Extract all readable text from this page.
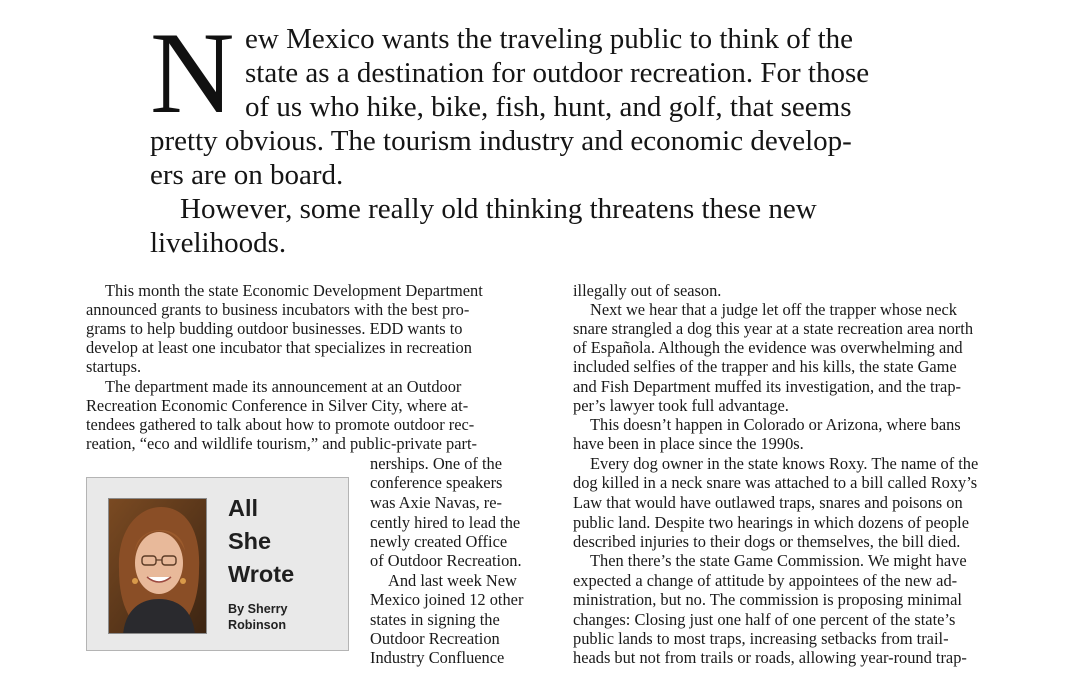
N ew Mexico wants the traveling public to think of the
state as a destination for outdoor recreation. For those
of us who hike, bike, fish, hunt, and golf, that seems
pretty obvious. The tourism industry and economic develop-
ers are on board.
However, some really old thinking threatens these new
livelihoods.
This month the state Economic Development Department
announced grants to business incubators with the best pro-
grams to help budding outdoor businesses. EDD wants to
develop at least one incubator that specializes in recreation
startups.
The department made its announcement at an Outdoor
Recreation Economic Conference in Silver City, where at-
tendees gathered to talk about how to promote outdoor rec-
reation, “eco and wildlife tourism,” and public-private part-
All
She
Wrote
By Sherry
Robinson
nerships. One of the
conference speakers
was Axie Navas, re-
cently hired to lead the
newly created Office
of Outdoor Recreation.
And last week New
Mexico joined 12 other
states in signing the
Outdoor Recreation
Industry Confluence
illegally out of season.
Next we hear that a judge let off the trapper whose neck
snare strangled a dog this year at a state recreation area north
of Española. Although the evidence was overwhelming and
included selfies of the trapper and his kills, the state Game
and Fish Department muffed its investigation, and the trap-
per’s lawyer took full advantage.
This doesn’t happen in Colorado or Arizona, where bans
have been in place since the 1990s.
Every dog owner in the state knows Roxy. The name of the
dog killed in a neck snare was attached to a bill called Roxy’s
Law that would have outlawed traps, snares and poisons on
public land. Despite two hearings in which dozens of people
described injuries to their dogs or themselves, the bill died.
Then there’s the state Game Commission. We might have
expected a change of attitude by appointees of the new ad-
ministration, but no. The commission is proposing minimal
changes: Closing just one half of one percent of the state’s
public lands to most traps, increasing setbacks from trail-
heads but not from trails or roads, allowing year-round trap-
